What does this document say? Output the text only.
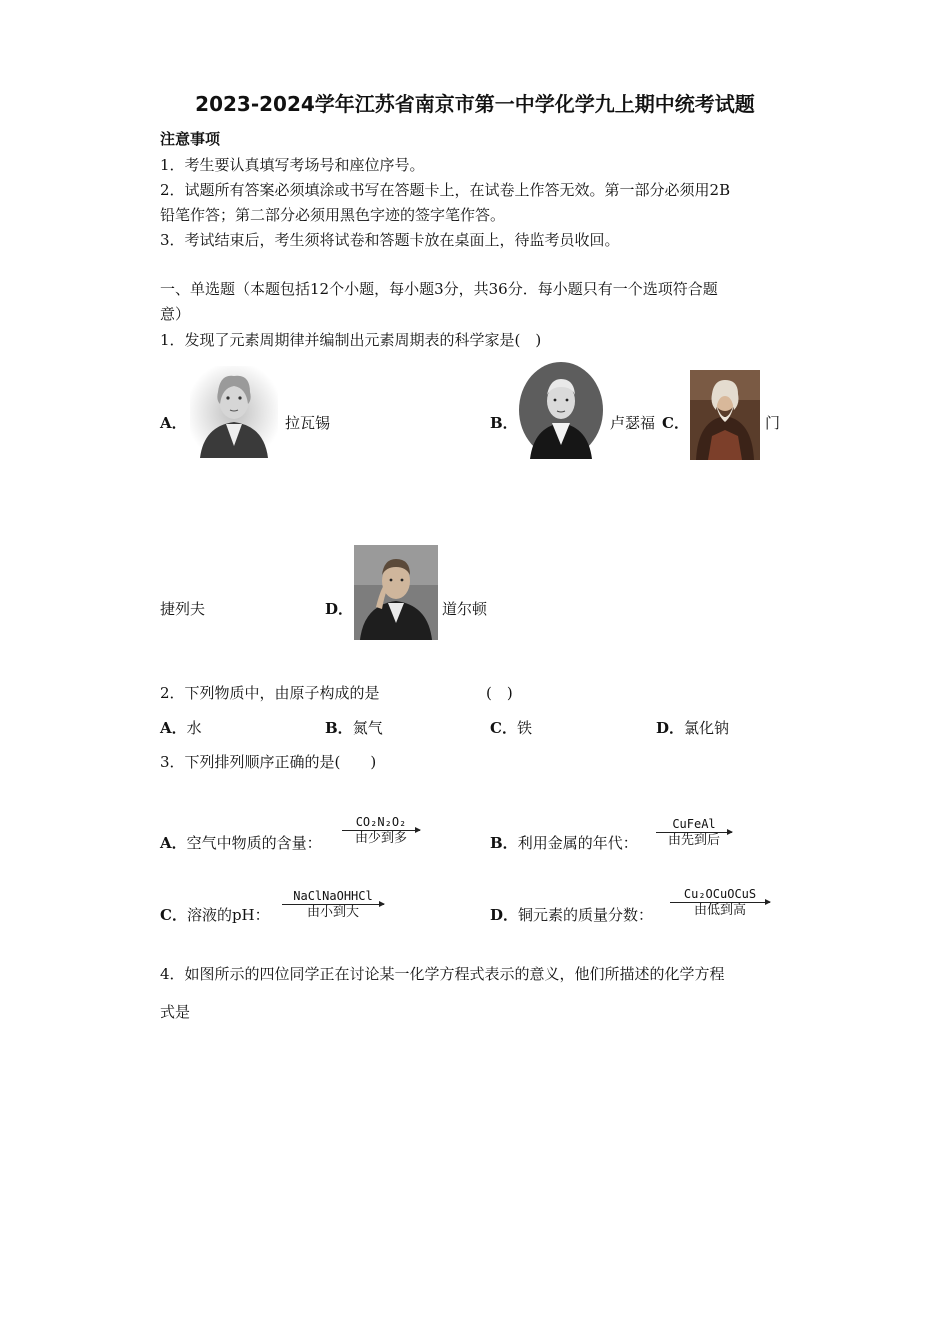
2023-2024学年江苏省南京市第一中学化学九上期中统考试题
注意事项
1．考生要认真填写考场号和座位序号。
2．试题所有答案必须填涂或书写在答题卡上，在试卷上作答无效。第一部分必须用2B
铅笔作答；第二部分必须用黑色字迹的签字笔作答。
3．考试结束后，考生须将试卷和答题卡放在桌面上，待监考员收回。
一、单选题（本题包括12个小题，每小题3分，共36分．每小题只有一个选项符合题
意）
1．发现了元素周期律并编制出元素周期表的科学家是(　)
A．	拉瓦锡	B．	卢瑟福 C．	门
捷列夫	D．	道尔顿
2．下列物质中，由原子构成的是	(　)
A．水	B．氮气	C．铁	D．氯化钠
3．下列排列顺序正确的是(　　)
A．空气中物质的含量：
CO₂N₂O₂
由少到多	B．利用金属的年代：
CuFeAl
由先到后
C．溶液的pH：
NaClNaOHHCl
由小到大	D．铜元素的质量分数：
Cu₂OCuOCuS
由低到高
4．如图所示的四位同学正在讨论某一化学方程式表示的意义，他们所描述的化学方程
式是
